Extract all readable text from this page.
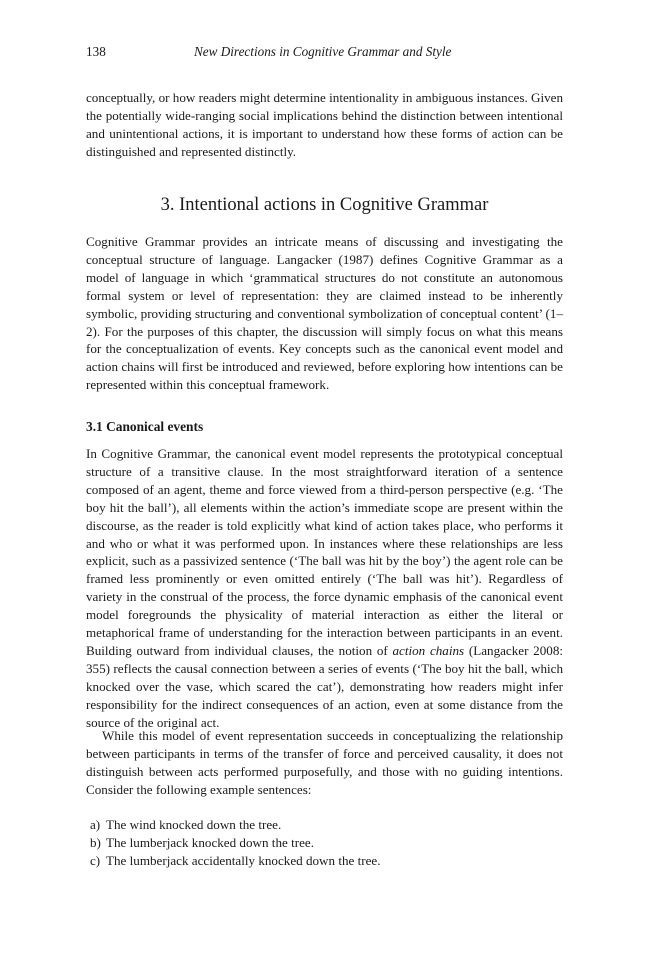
138	New Directions in Cognitive Grammar and Style

conceptually, or how readers might determine intentionality in ambiguous instances. Given the potentially wide-ranging social implications behind the distinction between intentional and unintentional actions, it is important to understand how these forms of action can be distinguished and represented distinctly.

3. Intentional actions in Cognitive Grammar

Cognitive Grammar provides an intricate means of discussing and investigating the conceptual structure of language. Langacker (1987) defines Cognitive Grammar as a model of language in which ‘grammatical structures do not constitute an autonomous formal system or level of representation: they are claimed instead to be inherently symbolic, providing structuring and conventional symbolization of conceptual content’ (1–2). For the purposes of this chapter, the discussion will simply focus on what this means for the conceptualization of events. Key concepts such as the canonical event model and action chains will first be introduced and reviewed, before exploring how intentions can be represented within this conceptual framework.

3.1 Canonical events

In Cognitive Grammar, the canonical event model represents the prototypical conceptual structure of a transitive clause. In the most straightforward iteration of a sentence composed of an agent, theme and force viewed from a third-person perspective (e.g. ‘The boy hit the ball’), all elements within the action’s immediate scope are present within the discourse, as the reader is told explicitly what kind of action takes place, who performs it and who or what it was performed upon. In instances where these relationships are less explicit, such as a passivized sentence (‘The ball was hit by the boy’) the agent role can be framed less prominently or even omitted entirely (‘The ball was hit’). Regardless of variety in the construal of the process, the force dynamic emphasis of the canonical event model foregrounds the physicality of material interaction as either the literal or metaphorical frame of understanding for the interaction between participants in an event. Building outward from individual clauses, the notion of action chains (Langacker 2008: 355) reflects the causal connection between a series of events (‘The boy hit the ball, which knocked over the vase, which scared the cat’), demonstrating how readers might infer responsibility for the indirect consequences of an action, even at some distance from the source of the original act.

While this model of event representation succeeds in conceptualizing the relationship between participants in terms of the transfer of force and perceived causality, it does not distinguish between acts performed purposefully, and those with no guiding intentions. Consider the following example sentences:

a) The wind knocked down the tree.
b) The lumberjack knocked down the tree.
c) The lumberjack accidentally knocked down the tree.
